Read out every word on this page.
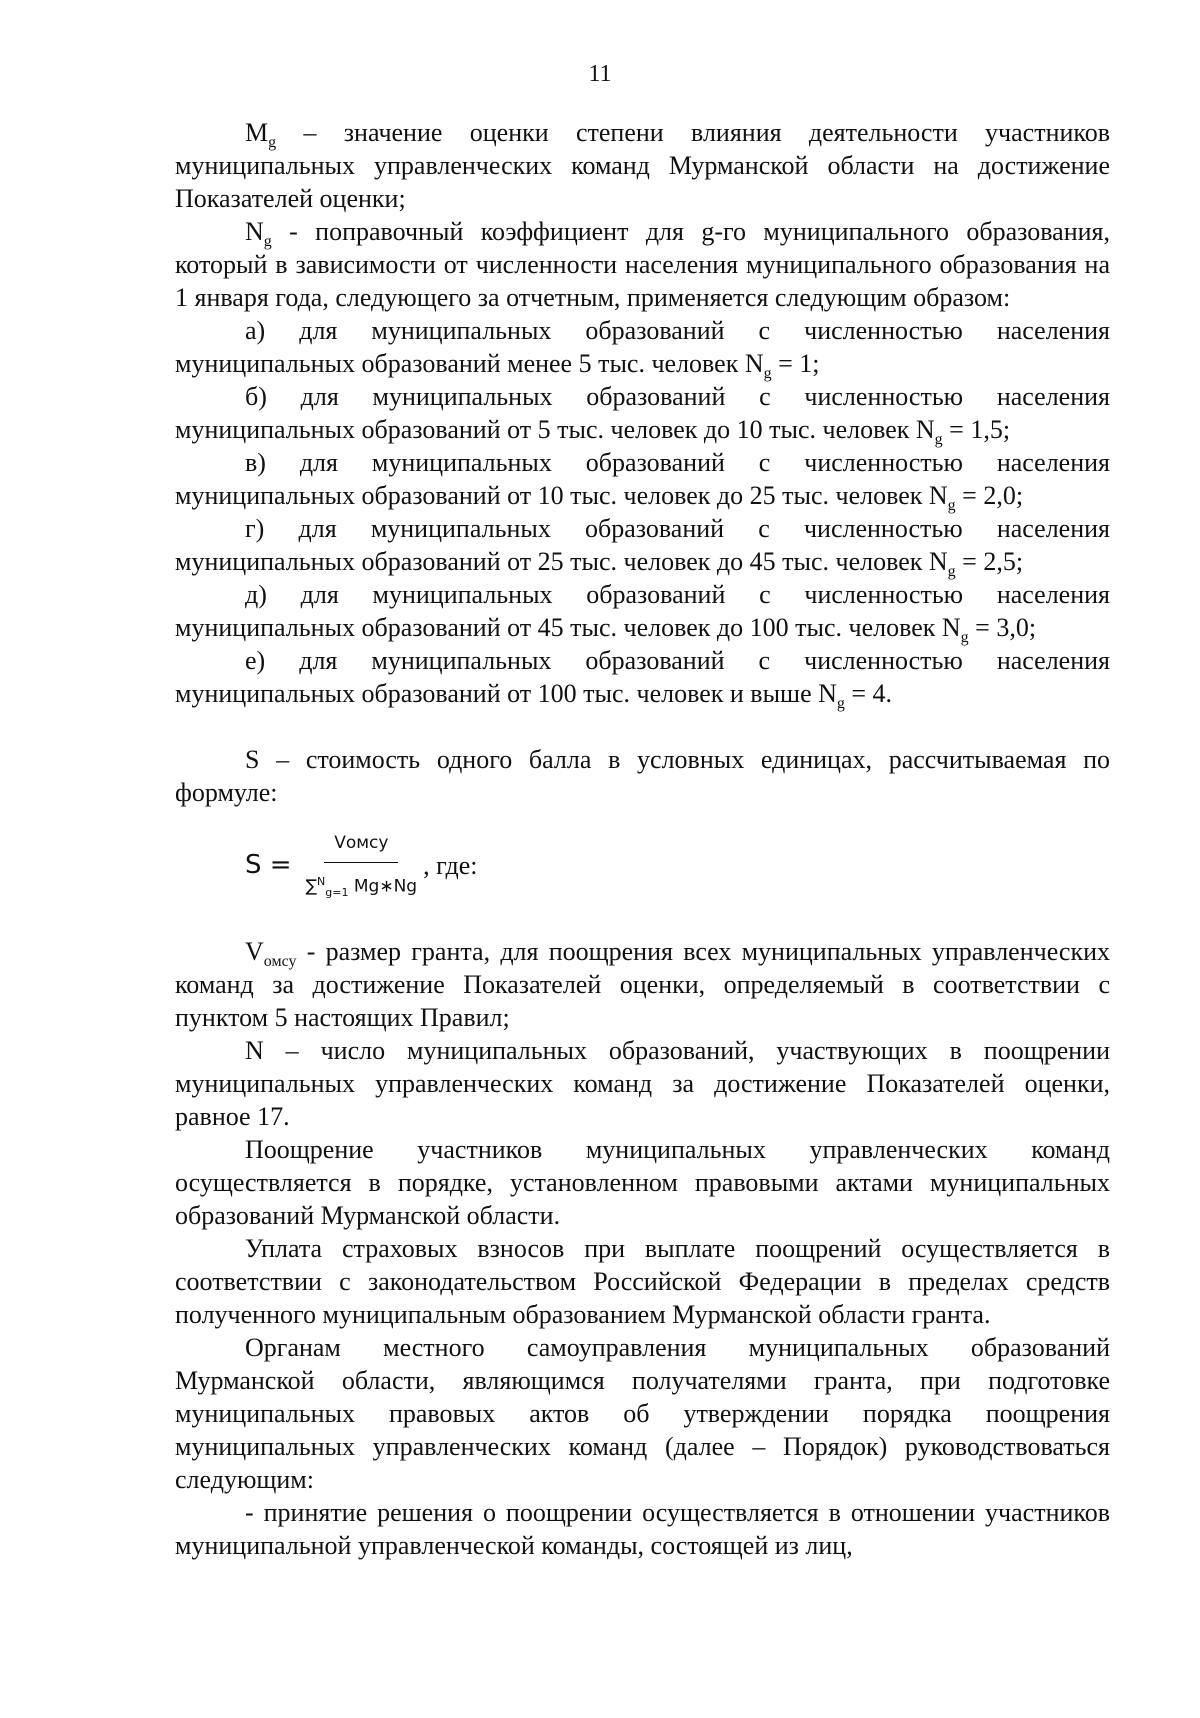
11

$M_g$ – значение оценки степени влияния деятельности участников муниципальных управленческих команд Мурманской области на достижение Показателей оценки;

$N_g$ - поправочный коэффициент для g-го муниципального образования, который в зависимости от численности населения муниципального образования на 1 января года, следующего за отчетным, применяется следующим образом:

а) для муниципальных образований с численностью населения муниципальных образований менее 5 тыс. человек $N_g = 1$;

б) для муниципальных образований с численностью населения муниципальных образований от 5 тыс. человек до 10 тыс. человек $N_g = 1,5$;

в) для муниципальных образований с численностью населения муниципальных образований от 10 тыс. человек до 25 тыс. человек $N_g = 2,0$;

г) для муниципальных образований с численностью населения муниципальных образований от 25 тыс. человек до 45 тыс. человек $N_g = 2,5$;

д) для муниципальных образований с численностью населения муниципальных образований от 45 тыс. человек до 100 тыс. человек $N_g = 3,0$;

е) для муниципальных образований с численностью населения муниципальных образований от 100 тыс. человек и выше $N_g = 4$.

S – стоимость одного балла в условных единицах, рассчитываемая по формуле:

$S = \frac{\text{Vомсу}}{\sum^N_{g=1} Mg∗Ng}$ , где:

$V_{омсу}$ - размер гранта, для поощрения всех муниципальных управленческих команд за достижение Показателей оценки, определяемый в соответствии с пунктом 5 настоящих Правил;

N – число муниципальных образований, участвующих в поощрении муниципальных управленческих команд за достижение Показателей оценки, равное 17.

Поощрение участников муниципальных управленческих команд осуществляется в порядке, установленном правовыми актами муниципальных образований Мурманской области.

Уплата страховых взносов при выплате поощрений осуществляется в соответствии с законодательством Российской Федерации в пределах средств полученного муниципальным образованием Мурманской области гранта.

Органам местного самоуправления муниципальных образований Мурманской области, являющимся получателями гранта, при подготовке муниципальных правовых актов об утверждении порядка поощрения муниципальных управленческих команд (далее – Порядок) руководствоваться следующим:

- принятие решения о поощрении осуществляется в отношении участников муниципальной управленческой команды, состоящей из лиц,
